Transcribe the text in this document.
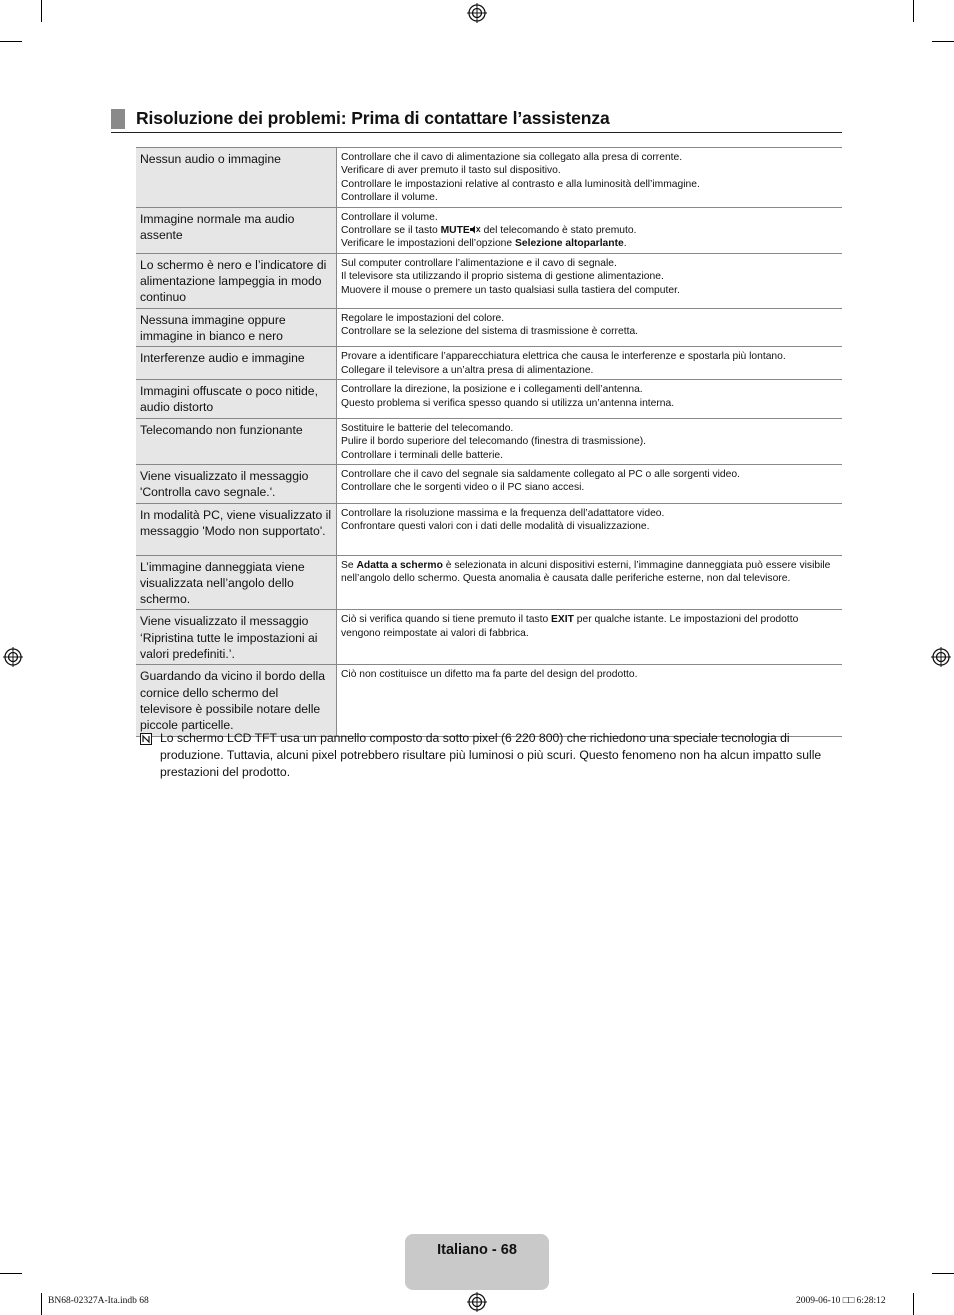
Risoluzione dei problemi: Prima di contattare l’assistenza
Nessun audio o immagine	Controllare che il cavo di alimentazione sia collegato alla presa di corrente.
Verificare di aver premuto il tasto sul dispositivo.
Controllare le impostazioni relative al contrasto e alla luminosità dell’immagine.
Controllare il volume.

Immagine normale ma audio assente	Controllare il volume.
Controllare se il tasto MUTE del telecomando è stato premuto.
Verificare le impostazioni dell’opzione Selezione altoparlante.

Lo schermo è nero e l’indicatore di alimentazione lampeggia in modo continuo	Sul computer controllare l’alimentazione e il cavo di segnale.
Il televisore sta utilizzando il proprio sistema di gestione alimentazione.
Muovere il mouse o premere un tasto qualsiasi sulla tastiera del computer.

Nessuna immagine oppure immagine in bianco e nero	Regolare le impostazioni del colore.
Controllare se la selezione del sistema di trasmissione è corretta.

Interferenze audio e immagine	Provare a identificare l’apparecchiatura elettrica che causa le interferenze e spostarla più lontano.
Collegare il televisore a un’altra presa di alimentazione.

Immagini offuscate o poco nitide, audio distorto	Controllare la direzione, la posizione e i collegamenti dell’antenna.
Questo problema si verifica spesso quando si utilizza un’antenna interna.

Telecomando non funzionante	Sostituire le batterie del telecomando.
Pulire il bordo superiore del telecomando (finestra di trasmissione).
Controllare i terminali delle batterie.

Viene visualizzato il messaggio 'Controlla cavo segnale.'.	Controllare che il cavo del segnale sia saldamente collegato al PC o alle sorgenti video.
Controllare che le sorgenti video o il PC siano accesi.

In modalità PC, viene visualizzato il messaggio 'Modo non supportato'.	Controllare la risoluzione massima e la frequenza dell’adattatore video.
Confrontare questi valori con i dati delle modalità di visualizzazione.

L’immagine danneggiata viene visualizzata nell’angolo dello schermo.	Se Adatta a schermo è selezionata in alcuni dispositivi esterni, l’immagine danneggiata può essere visibile nell’angolo dello schermo. Questa anomalia è causata dalle periferiche esterne, non dal televisore.

Viene visualizzato il messaggio ‘Ripristina tutte le impostazioni ai valori predefiniti.’.	Ciò si verifica quando si tiene premuto il tasto EXIT per qualche istante. Le impostazioni del prodotto vengono reimpostate ai valori di fabbrica.

Guardando da vicino il bordo della cornice dello schermo del televisore è possibile notare delle piccole particelle.	Ciò non costituisce un difetto ma fa parte del design del prodotto.
Lo schermo LCD TFT usa un pannello composto da sotto pixel (6 220 800) che richiedono una speciale tecnologia di produzione. Tuttavia, alcuni pixel potrebbero risultare più luminosi o più scuri. Questo fenomeno non ha alcun impatto sulle prestazioni del prodotto.
Italiano - 68
BN68-02327A-Ita.indb 68	2009-06-10 □□ 6:28:12
